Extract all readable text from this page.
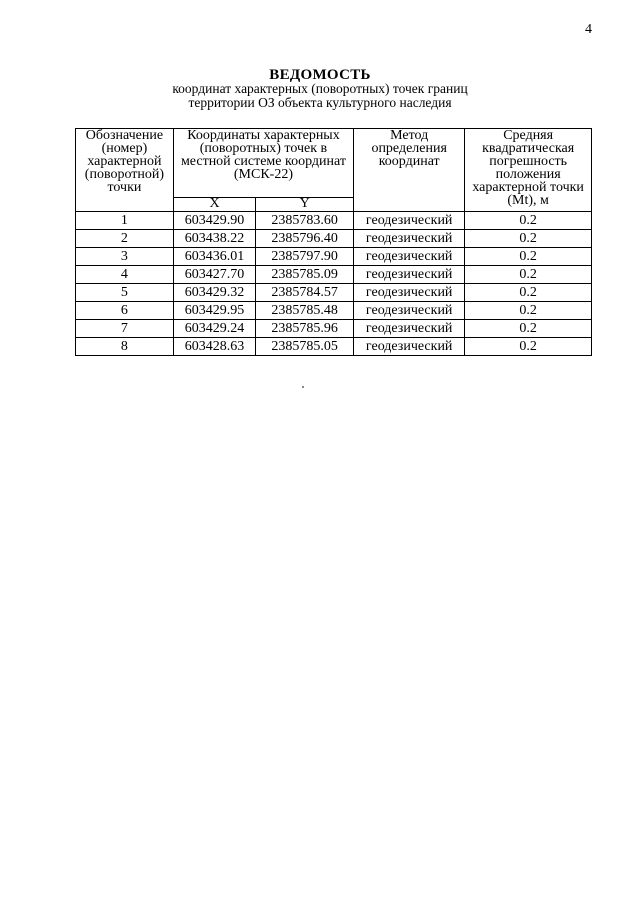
4
ВЕДОМОСТЬ
координат характерных (поворотных) точек границ
территории ОЗ объекта культурного наследия
Обозначение (номер) характерной (поворотной) точки	Координаты характерных (поворотных) точек в местной системе координат (МСК-22)		Метод определения координат	Средняя квадратическая погрешность положения характерной точки (Mt), м
	X	Y		
1	603429.90	2385783.60	геодезический	0.2
2	603438.22	2385796.40	геодезический	0.2
3	603436.01	2385797.90	геодезический	0.2
4	603427.70	2385785.09	геодезический	0.2
5	603429.32	2385784.57	геодезический	0.2
6	603429.95	2385785.48	геодезический	0.2
7	603429.24	2385785.96	геодезический	0.2
8	603428.63	2385785.05	геодезический	0.2
